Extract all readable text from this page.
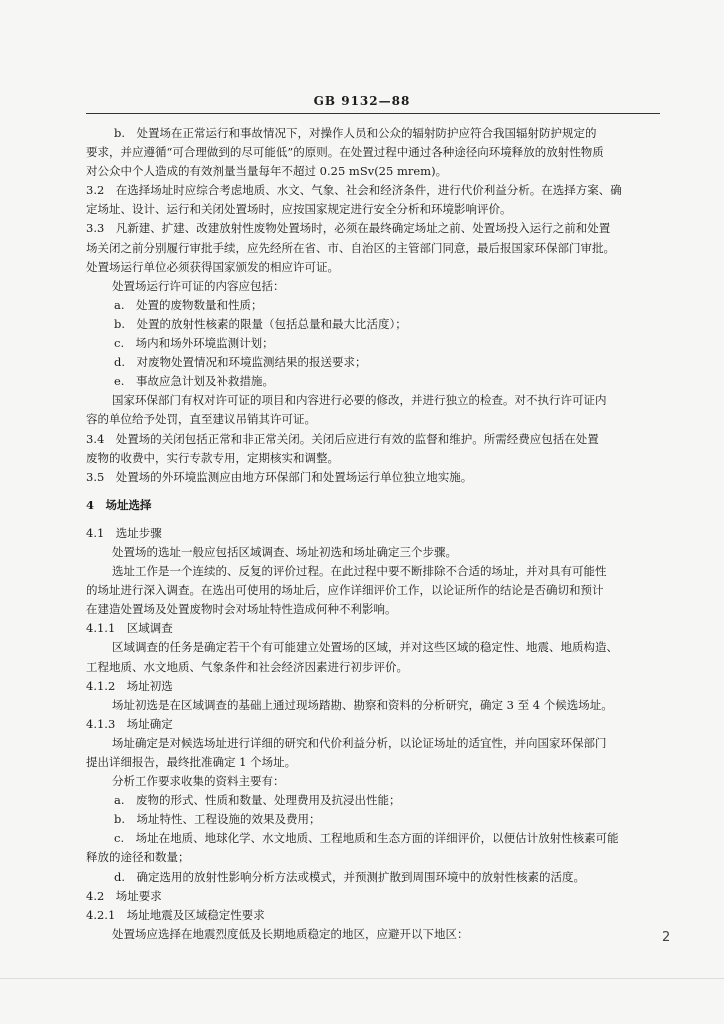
GB 9132—88
b.　处置场在正常运行和事故情况下，对操作人员和公众的辐射防护应符合我国辐射防护规定的
要求，并应遵循“可合理做到的尽可能低”的原则。在处置过程中通过各种途径向环境释放的放射性物质
对公众中个人造成的有效剂量当量每年不超过 0.25 mSv(25 mrem)。
3.2　在选择场址时应综合考虑地质、水文、气象、社会和经济条件，进行代价利益分析。在选择方案、确
定场址、设计、运行和关闭处置场时，应按国家规定进行安全分析和环境影响评价。
3.3　凡新建、扩建、改建放射性废物处置场时，必须在最终确定场址之前、处置场投入运行之前和处置
场关闭之前分别履行审批手续，应先经所在省、市、自治区的主管部门同意，最后报国家环保部门审批。
处置场运行单位必须获得国家颁发的相应许可证。
处置场运行许可证的内容应包括：
a.　处置的废物数量和性质；
b.　处置的放射性核素的限量（包括总量和最大比活度）；
c.　场内和场外环境监测计划；
d.　对废物处置情况和环境监测结果的报送要求；
e.　事故应急计划及补救措施。
国家环保部门有权对许可证的项目和内容进行必要的修改，并进行独立的检查。对不执行许可证内
容的单位给予处罚，直至建议吊销其许可证。
3.4　处置场的关闭包括正常和非正常关闭。关闭后应进行有效的监督和维护。所需经费应包括在处置
废物的收费中，实行专款专用，定期核实和调整。
3.5　处置场的外环境监测应由地方环保部门和处置场运行单位独立地实施。
4　场址选择
4.1　选址步骤
处置场的选址一般应包括区域调查、场址初选和场址确定三个步骤。
选址工作是一个连续的、反复的评价过程。在此过程中要不断排除不合适的场址，并对具有可能性
的场址进行深入调查。在选出可使用的场址后，应作详细评价工作，以论证所作的结论是否确切和预计
在建造处置场及处置废物时会对场址特性造成何种不利影响。
4.1.1　区域调查
区域调查的任务是确定若干个有可能建立处置场的区域，并对这些区域的稳定性、地震、地质构造、
工程地质、水文地质、气象条件和社会经济因素进行初步评价。
4.1.2　场址初选
场址初选是在区域调查的基础上通过现场踏勘、勘察和资料的分析研究，确定 3 至 4 个候选场址。
4.1.3　场址确定
场址确定是对候选场址进行详细的研究和代价利益分析，以论证场址的适宜性，并向国家环保部门
提出详细报告，最终批准确定 1 个场址。
分析工作要求收集的资料主要有：
a.　废物的形式、性质和数量、处理费用及抗浸出性能；
b.　场址特性、工程设施的效果及费用；
c.　场址在地质、地球化学、水文地质、工程地质和生态方面的详细评价，以便估计放射性核素可能
释放的途径和数量；
d.　确定选用的放射性影响分析方法或模式，并预测扩散到周围环境中的放射性核素的活度。
4.2　场址要求
4.2.1　场址地震及区域稳定性要求
处置场应选择在地震烈度低及长期地质稳定的地区，应避开以下地区：	2
